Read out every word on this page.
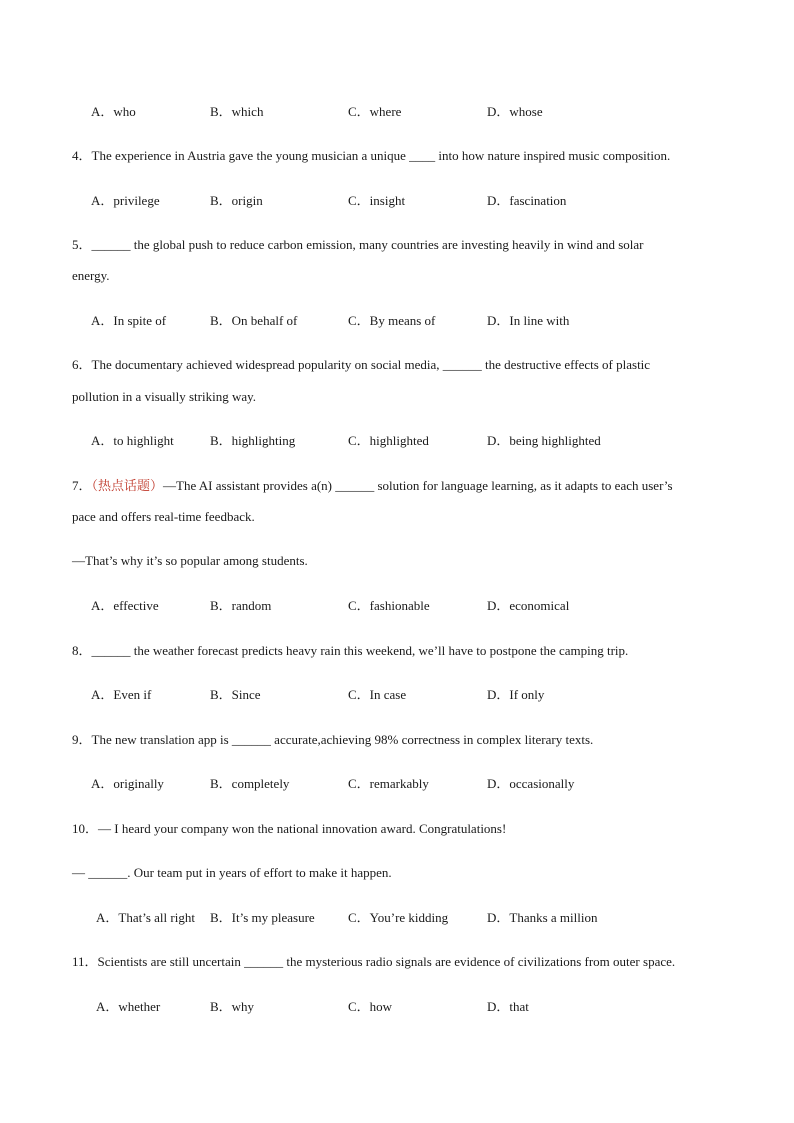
A．who	B．which	C．where	D．whose
4．The experience in Austria gave the young musician a unique ____ into how nature inspired music composition.
A．privilege	B．origin	C．insight	D．fascination
5．______ the global push to reduce carbon emission, many countries are investing heavily in wind and solar
energy.
A．In spite of	B．On behalf of	C．By means of	D．In line with
6．The documentary achieved widespread popularity on social media, ______ the destructive effects of plastic
pollution in a visually striking way.
A．to highlight	B．highlighting	C．highlighted	D．being highlighted
7．（热点话题）—The AI assistant provides a(n) ______ solution for language learning, as it adapts to each user’s
pace and offers real-time feedback.
—That’s why it’s so popular among students.
A．effective	B．random	C．fashionable	D．economical
8．______ the weather forecast predicts heavy rain this weekend, we’ll have to postpone the camping trip.
A．Even if	B．Since	C．In case	D．If only
9．The new translation app is ______ accurate,achieving 98% correctness in complex literary texts.
A．originally	B．completely	C．remarkably	D．occasionally
10．— I heard your company won the national innovation award. Congratulations!
— ______. Our team put in years of effort to make it happen.
A．That’s all right B．It’s my pleasure	C．You’re kidding	D．Thanks a million
11．Scientists are still uncertain ______ the mysterious radio signals are evidence of civilizations from outer space.
A．whether	B．why	C．how	D．that
